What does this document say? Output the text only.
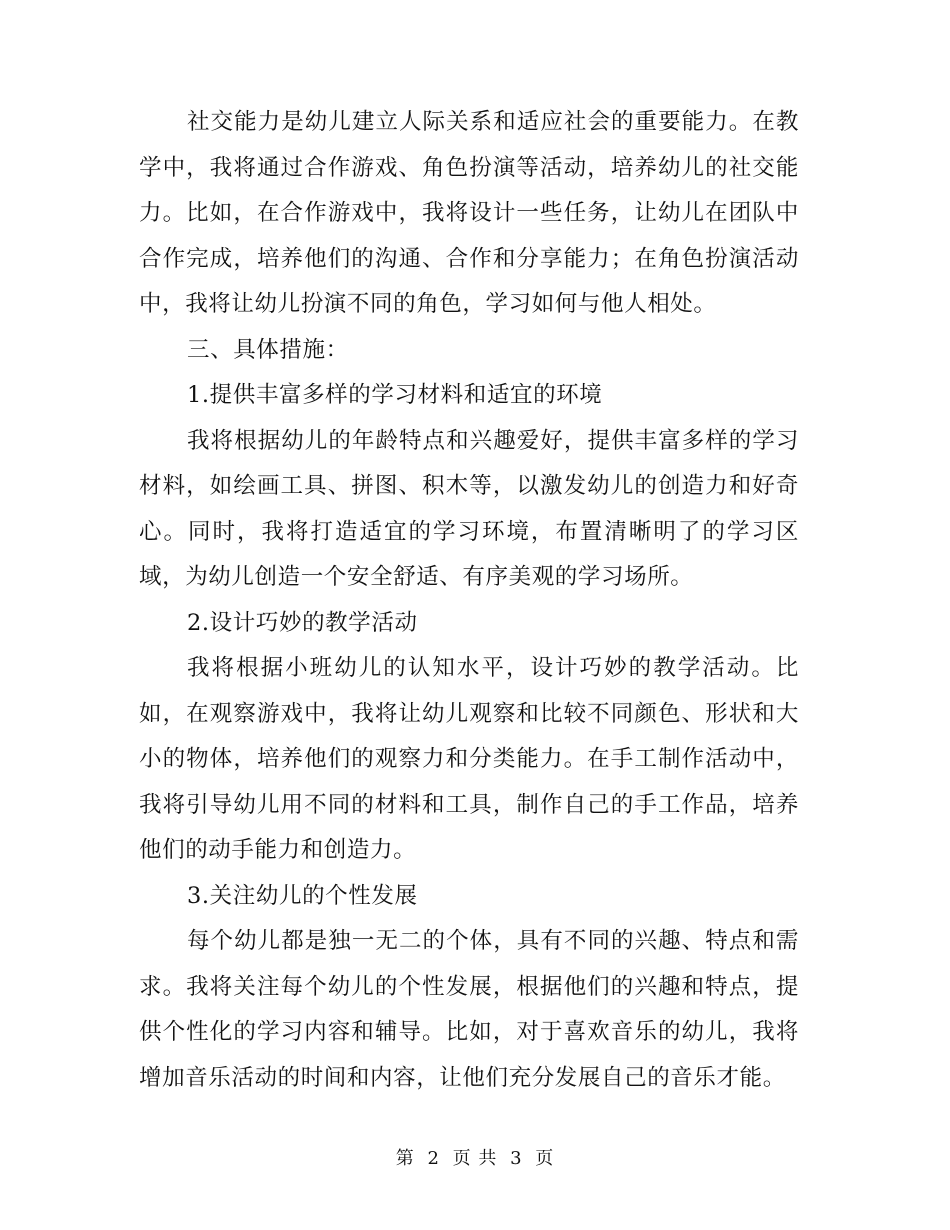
社交能力是幼儿建立人际关系和适应社会的重要能力。在教学中，我将通过合作游戏、角色扮演等活动，培养幼儿的社交能力。比如，在合作游戏中，我将设计一些任务，让幼儿在团队中合作完成，培养他们的沟通、合作和分享能力；在角色扮演活动中，我将让幼儿扮演不同的角色，学习如何与他人相处。

三、具体措施：

1.提供丰富多样的学习材料和适宜的环境

我将根据幼儿的年龄特点和兴趣爱好，提供丰富多样的学习材料，如绘画工具、拼图、积木等，以激发幼儿的创造力和好奇心。同时，我将打造适宜的学习环境，布置清晰明了的学习区域，为幼儿创造一个安全舒适、有序美观的学习场所。

2.设计巧妙的教学活动

我将根据小班幼儿的认知水平，设计巧妙的教学活动。比如，在观察游戏中，我将让幼儿观察和比较不同颜色、形状和大小的物体，培养他们的观察力和分类能力。在手工制作活动中，我将引导幼儿用不同的材料和工具，制作自己的手工作品，培养他们的动手能力和创造力。

3.关注幼儿的个性发展

每个幼儿都是独一无二的个体，具有不同的兴趣、特点和需求。我将关注每个幼儿的个性发展，根据他们的兴趣和特点，提供个性化的学习内容和辅导。比如，对于喜欢音乐的幼儿，我将增加音乐活动的时间和内容，让他们充分发展自己的音乐才能。

第 2 页 共 3 页
